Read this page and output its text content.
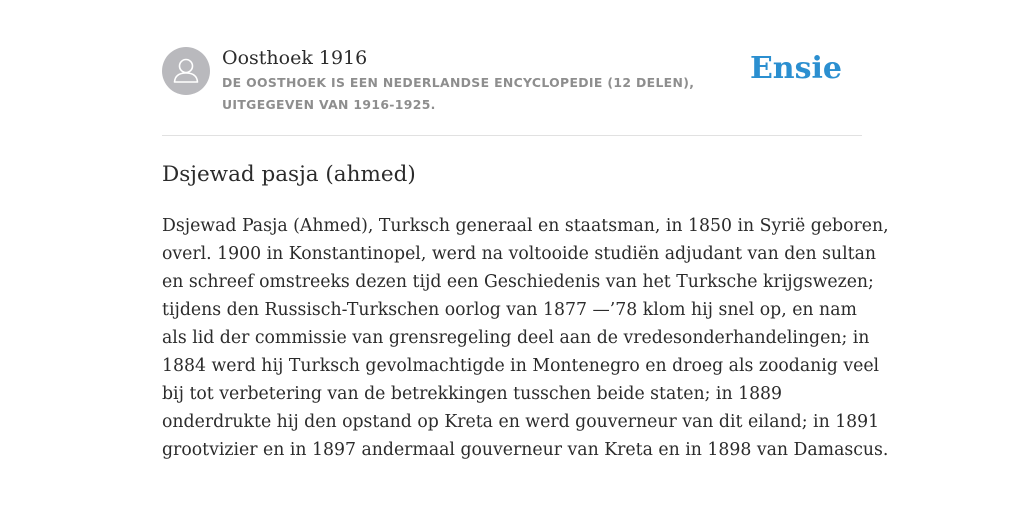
Oosthoek 1916
DE OOSTHOEK IS EEN NEDERLANDSE ENCYCLOPEDIE (12 DELEN), UITGEGEVEN VAN 1916-1925.
Ensie
Dsjewad pasja (ahmed)

Dsjewad Pasja (Ahmed), Turksch generaal en staatsman, in 1850 in Syrië geboren,
overl. 1900 in Konstantinopel, werd na voltooide studiën adjudant van den sultan
en schreef omstreeks dezen tijd een Geschiedenis van het Turksche krijgswezen;
tijdens den Russisch-Turkschen oorlog van 1877 —’78 klom hij snel op, en nam
als lid der commissie van grensregeling deel aan de vredesonderhandelingen; in
1884 werd hij Turksch gevolmachtigde in Montenegro en droeg als zoodanig veel
bij tot verbetering van de betrekkingen tusschen beide staten; in 1889
onderdrukte hij den opstand op Kreta en werd gouverneur van dit eiland; in 1891
grootvizier en in 1897 andermaal gouverneur van Kreta en in 1898 van Damascus.
